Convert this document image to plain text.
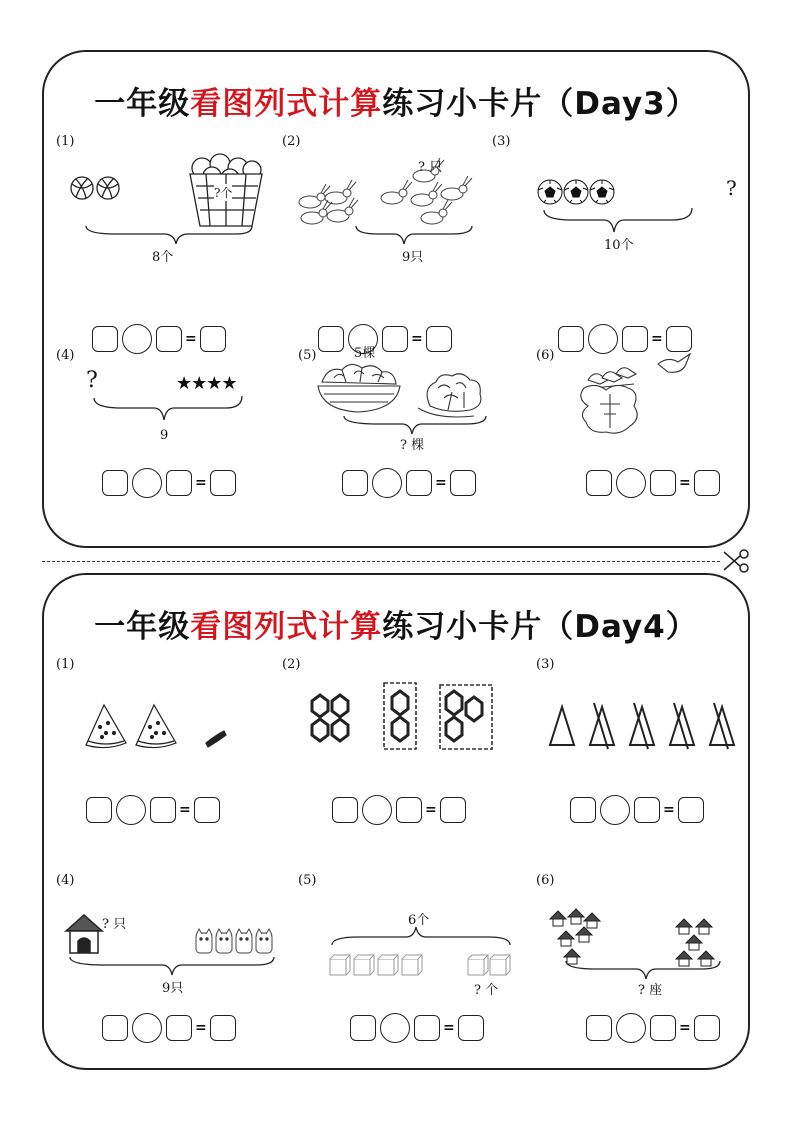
一年级看图列式计算练习小卡片（Day3）
(1)
?个
8个
=
(2)
? 只
9只
=
(3)
?
10个
=
(4)
?	★★★★
9
=
(5)	5棵
? 棵
=
(6)
=
一年级看图列式计算练习小卡片（Day4）
(1)
=
(2)
=
(3)
=
(4)
? 只
9只
=
(5)
6个
? 个
=
(6)
? 座
=
